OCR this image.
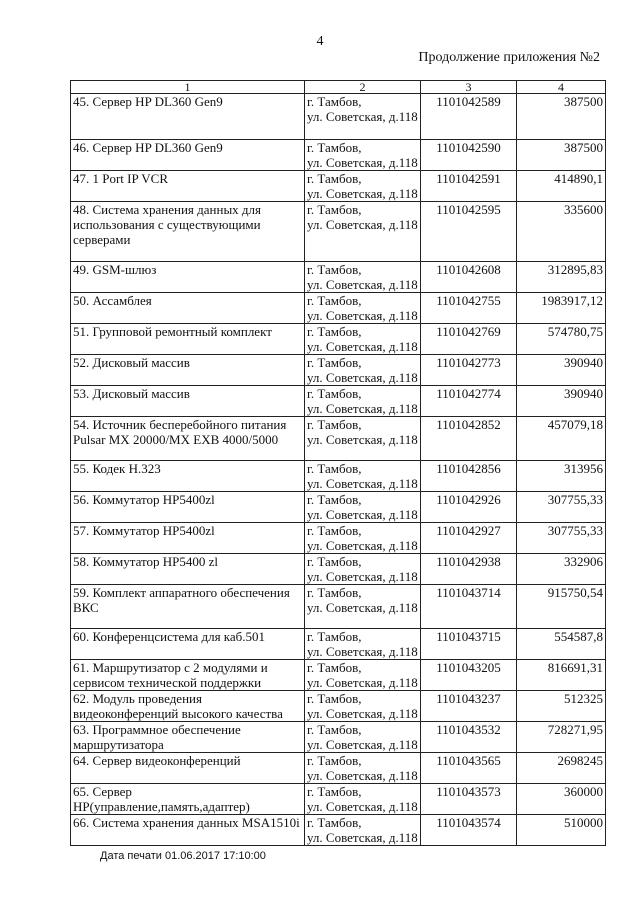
4
Продолжение приложения №2
1	2	3	4
45. Сервер HP DL360 Gen9	г. Тамбов,
ул. Советская, д.118	1101042589	387500
46. Сервер HP DL360 Gen9	г. Тамбов,
ул. Советская, д.118	1101042590	387500
47. 1 Port IP VCR	г. Тамбов,
ул. Советская, д.118	1101042591	414890,1
48. Система хранения данных для использования с существующими серверами	г. Тамбов,
ул. Советская, д.118	1101042595	335600
49. GSM-шлюз	г. Тамбов,
ул. Советская, д.118	1101042608	312895,83
50. Ассамблея	г. Тамбов,
ул. Советская, д.118	1101042755	1983917,12
51. Групповой ремонтный комплект	г. Тамбов,
ул. Советская, д.118	1101042769	574780,75
52. Дисковый массив	г. Тамбов,
ул. Советская, д.118	1101042773	390940
53. Дисковый массив	г. Тамбов,
ул. Советская, д.118	1101042774	390940
54. Источник бесперебойного питания Pulsar MX 20000/MX EXB 4000/5000	г. Тамбов,
ул. Советская, д.118	1101042852	457079,18
55. Кодек H.323	г. Тамбов,
ул. Советская, д.118	1101042856	313956
56. Коммутатор HP5400zl	г. Тамбов,
ул. Советская, д.118	1101042926	307755,33
57. Коммутатор HP5400zl	г. Тамбов,
ул. Советская, д.118	1101042927	307755,33
58. Коммутатор HP5400 zl	г. Тамбов,
ул. Советская, д.118	1101042938	332906
59. Комплект аппаратного обеспечения ВКС	г. Тамбов,
ул. Советская, д.118	1101043714	915750,54
60. Конференцсистема для каб.501	г. Тамбов,
ул. Советская, д.118	1101043715	554587,8
61. Маршрутизатор с 2 модулями и сервисом технической поддержки	г. Тамбов,
ул. Советская, д.118	1101043205	816691,31
62. Модуль проведения видеоконференций высокого качества	г. Тамбов,
ул. Советская, д.118	1101043237	512325
63. Программное обеспечение маршрутизатора	г. Тамбов,
ул. Советская, д.118	1101043532	728271,95
64. Сервер видеоконференций	г. Тамбов,
ул. Советская, д.118	1101043565	2698245
65. Сервер HP(управление,память,адаптер)	г. Тамбов,
ул. Советская, д.118	1101043573	360000
66. Система хранения данных MSA1510i	г. Тамбов,
ул. Советская, д.118	1101043574	510000
Дата печати 01.06.2017 17:10:00
